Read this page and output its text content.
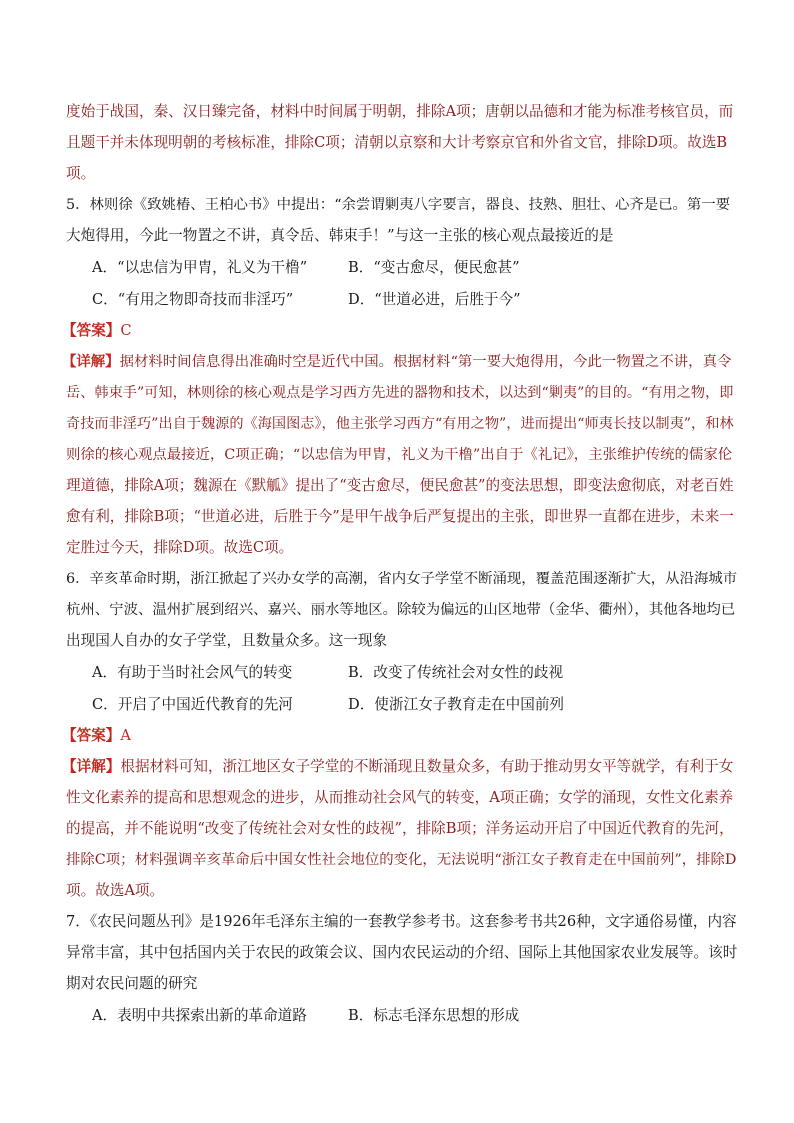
度始于战国，秦、汉日臻完备，材料中时间属于明朝，排除A项；唐朝以品德和才能为标准考核官员，而
且题干并未体现明朝的考核标准，排除C项；清朝以京察和大计考察京官和外省文官，排除D项。故选B
项。
5．林则徐《致姚椿、王柏心书》中提出：“余尝谓剿夷八字要言，器良、技熟、胆壮、心齐是已。第一要
大炮得用，今此一物置之不讲，真令岳、韩束手！”与这一主张的核心观点最接近的是
A．“以忠信为甲胄，礼义为干橹”	B．“变古愈尽，便民愈甚”
C．“有用之物即奇技而非淫巧”	D．“世道必进，后胜于今”
【答案】C
【详解】据材料时间信息得出准确时空是近代中国。根据材料“第一要大炮得用，今此一物置之不讲，真令
岳、韩束手”可知，林则徐的核心观点是学习西方先进的器物和技术，以达到“剿夷”的目的。“有用之物，即
奇技而非淫巧”出自于魏源的《海国图志》，他主张学习西方“有用之物”，进而提出“师夷长技以制夷”，和林
则徐的核心观点最接近，C项正确；“以忠信为甲胄，礼义为干橹”出自于《礼记》，主张维护传统的儒家伦
理道德，排除A项；魏源在《默觚》提出了“变古愈尽，便民愈甚”的变法思想，即变法愈彻底，对老百姓
愈有利，排除B项；“世道必进，后胜于今”是甲午战争后严复提出的主张，即世界一直都在进步，未来一
定胜过今天，排除D项。故选C项。
6．辛亥革命时期，浙江掀起了兴办女学的高潮，省内女子学堂不断涌现，覆盖范围逐渐扩大，从沿海城市
杭州、宁波、温州扩展到绍兴、嘉兴、丽水等地区。除较为偏远的山区地带（金华、衢州），其他各地均已
出现国人自办的女子学堂，且数量众多。这一现象
A．有助于当时社会风气的转变	B．改变了传统社会对女性的歧视
C．开启了中国近代教育的先河	D．使浙江女子教育走在中国前列
【答案】A
【详解】根据材料可知，浙江地区女子学堂的不断涌现且数量众多，有助于推动男女平等就学，有利于女
性文化素养的提高和思想观念的进步，从而推动社会风气的转变，A项正确；女学的涌现，女性文化素养
的提高，并不能说明“改变了传统社会对女性的歧视”，排除B项；洋务运动开启了中国近代教育的先河，
排除C项；材料强调辛亥革命后中国女性社会地位的变化，无法说明“浙江女子教育走在中国前列”，排除D
项。故选A项。
7．《农民问题丛刊》是1926年毛泽东主编的一套教学参考书。这套参考书共26种，文字通俗易懂，内容
异常丰富，其中包括国内关于农民的政策会议、国内农民运动的介绍、国际上其他国家农业发展等。该时
期对农民问题的研究
A．表明中共探索出新的革命道路	B．标志毛泽东思想的形成
